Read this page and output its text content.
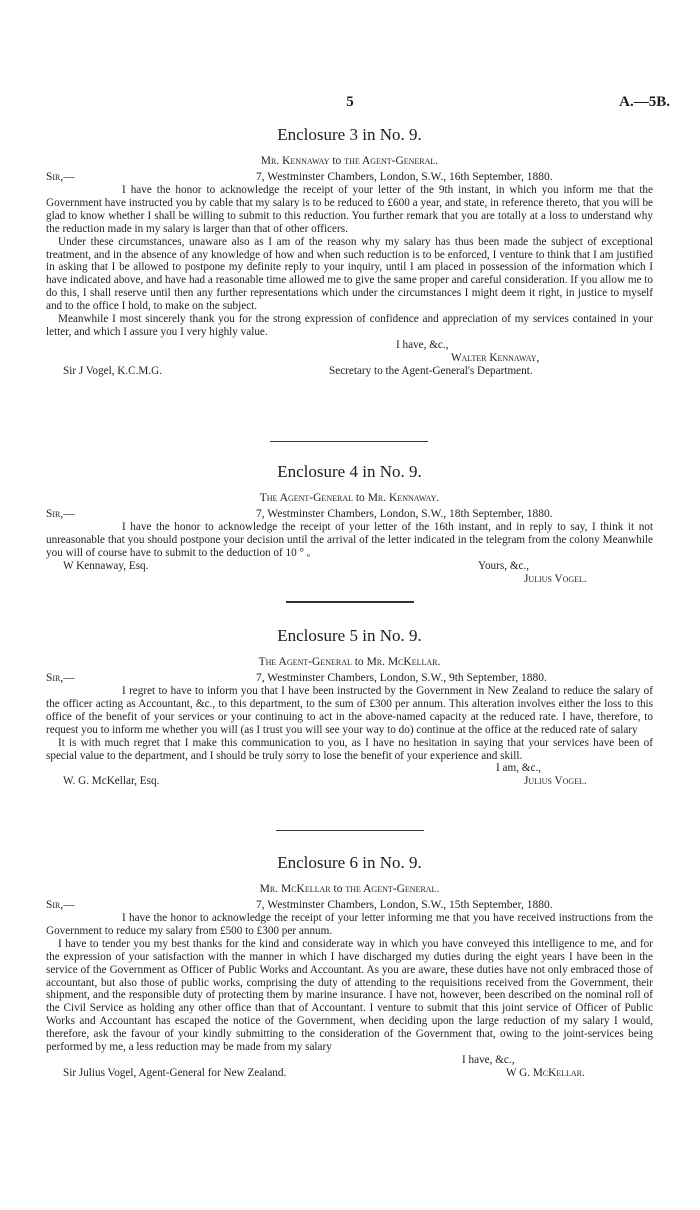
5	A.—5B.
Enclosure 3 in No. 9.
Mr. Kennaway to the Agent-General.
Sir,—	7, Westminster Chambers, London, S.W., 16th September, 1880.

I have the honor to acknowledge the receipt of your letter of the 9th instant, in which you inform me that the Government have instructed you by cable that my salary is to be reduced to £600 a year, and state, in reference thereto, that you will be glad to know whether I shall be willing to submit to this reduction. You further remark that you are totally at a loss to understand why the reduction made in my salary is larger than that of other officers.

Under these circumstances, unaware also as I am of the reason why my salary has thus been made the subject of exceptional treatment, and in the absence of any knowledge of how and when such reduction is to be enforced, I venture to think that I am justified in asking that I be allowed to postpone my definite reply to your inquiry, until I am placed in possession of the information which I have indicated above, and have had a reasonable time allowed me to give the same proper and careful consideration. If you allow me to do this, I shall reserve until then any further representations which under the circumstances I might deem it right, in justice to myself and to the office I hold, to make on the subject.

Meanwhile I most sincerely thank you for the strong expression of confidence and appreciation of my services contained in your letter, and which I assure you I very highly value.

I have, &c.,
Walter Kennaway,
Sir J Vogel, K.C.M.G.	Secretary to the Agent-General's Department.
Enclosure 4 in No. 9.
The Agent-General to Mr. Kennaway.
Sir,—	7, Westminster Chambers, London, S.W., 18th September, 1880.

I have the honor to acknowledge the receipt of your letter of the 16th instant, and in reply to say, I think it not unreasonable that you should postpone your decision until the arrival of the letter indicated in the telegram from the colony Meanwhile you will of course have to submit to the deduction of 10 ° ₒ

W Kennaway, Esq.	Yours, &c.,
Julius Vogel.
Enclosure 5 in No. 9.
The Agent-General to Mr. McKellar.
Sir,—	7, Westminster Chambers, London, S.W., 9th September, 1880.

I regret to have to inform you that I have been instructed by the Government in New Zealand to reduce the salary of the officer acting as Accountant, &c., to this department, to the sum of £300 per annum. This alteration involves either the loss to this office of the benefit of your services or your continuing to act in the above-named capacity at the reduced rate. I have, therefore, to request you to inform me whether you will (as I trust you will see your way to do) continue at the office at the reduced rate of salary

It is with much regret that I make this communication to you, as I have no hesitation in saying that your services have been of special value to the department, and I should be truly sorry to lose the benefit of your experience and skill.

I am, &c.,
W. G. McKellar, Esq.	Julius Vogel.
Enclosure 6 in No. 9.
Mr. McKellar to the Agent-General.
Sir,—	7, Westminster Chambers, London, S.W., 15th September, 1880.

I have the honor to acknowledge the receipt of your letter informing me that you have received instructions from the Government to reduce my salary from £500 to £300 per annum.

I have to tender you my best thanks for the kind and considerate way in which you have conveyed this intelligence to me, and for the expression of your satisfaction with the manner in which I have discharged my duties during the eight years I have been in the service of the Government as Officer of Public Works and Accountant. As you are aware, these duties have not only embraced those of accountant, but also those of public works, comprising the duty of attending to the requisitions received from the Government, their shipment, and the responsible duty of protecting them by marine insurance. I have not, however, been described on the nominal roll of the Civil Service as holding any other office than that of Accountant. I venture to submit that this joint service of Officer of Public Works and Accountant has escaped the notice of the Government, when deciding upon the large reduction of my salary I would, therefore, ask the favour of your kindly submitting to the consideration of the Government that, owing to the joint-services being performed by me, a less reduction may be made from my salary

I have, &c.,
Sir Julius Vogel, Agent-General for New Zealand.	W G. McKellar.
